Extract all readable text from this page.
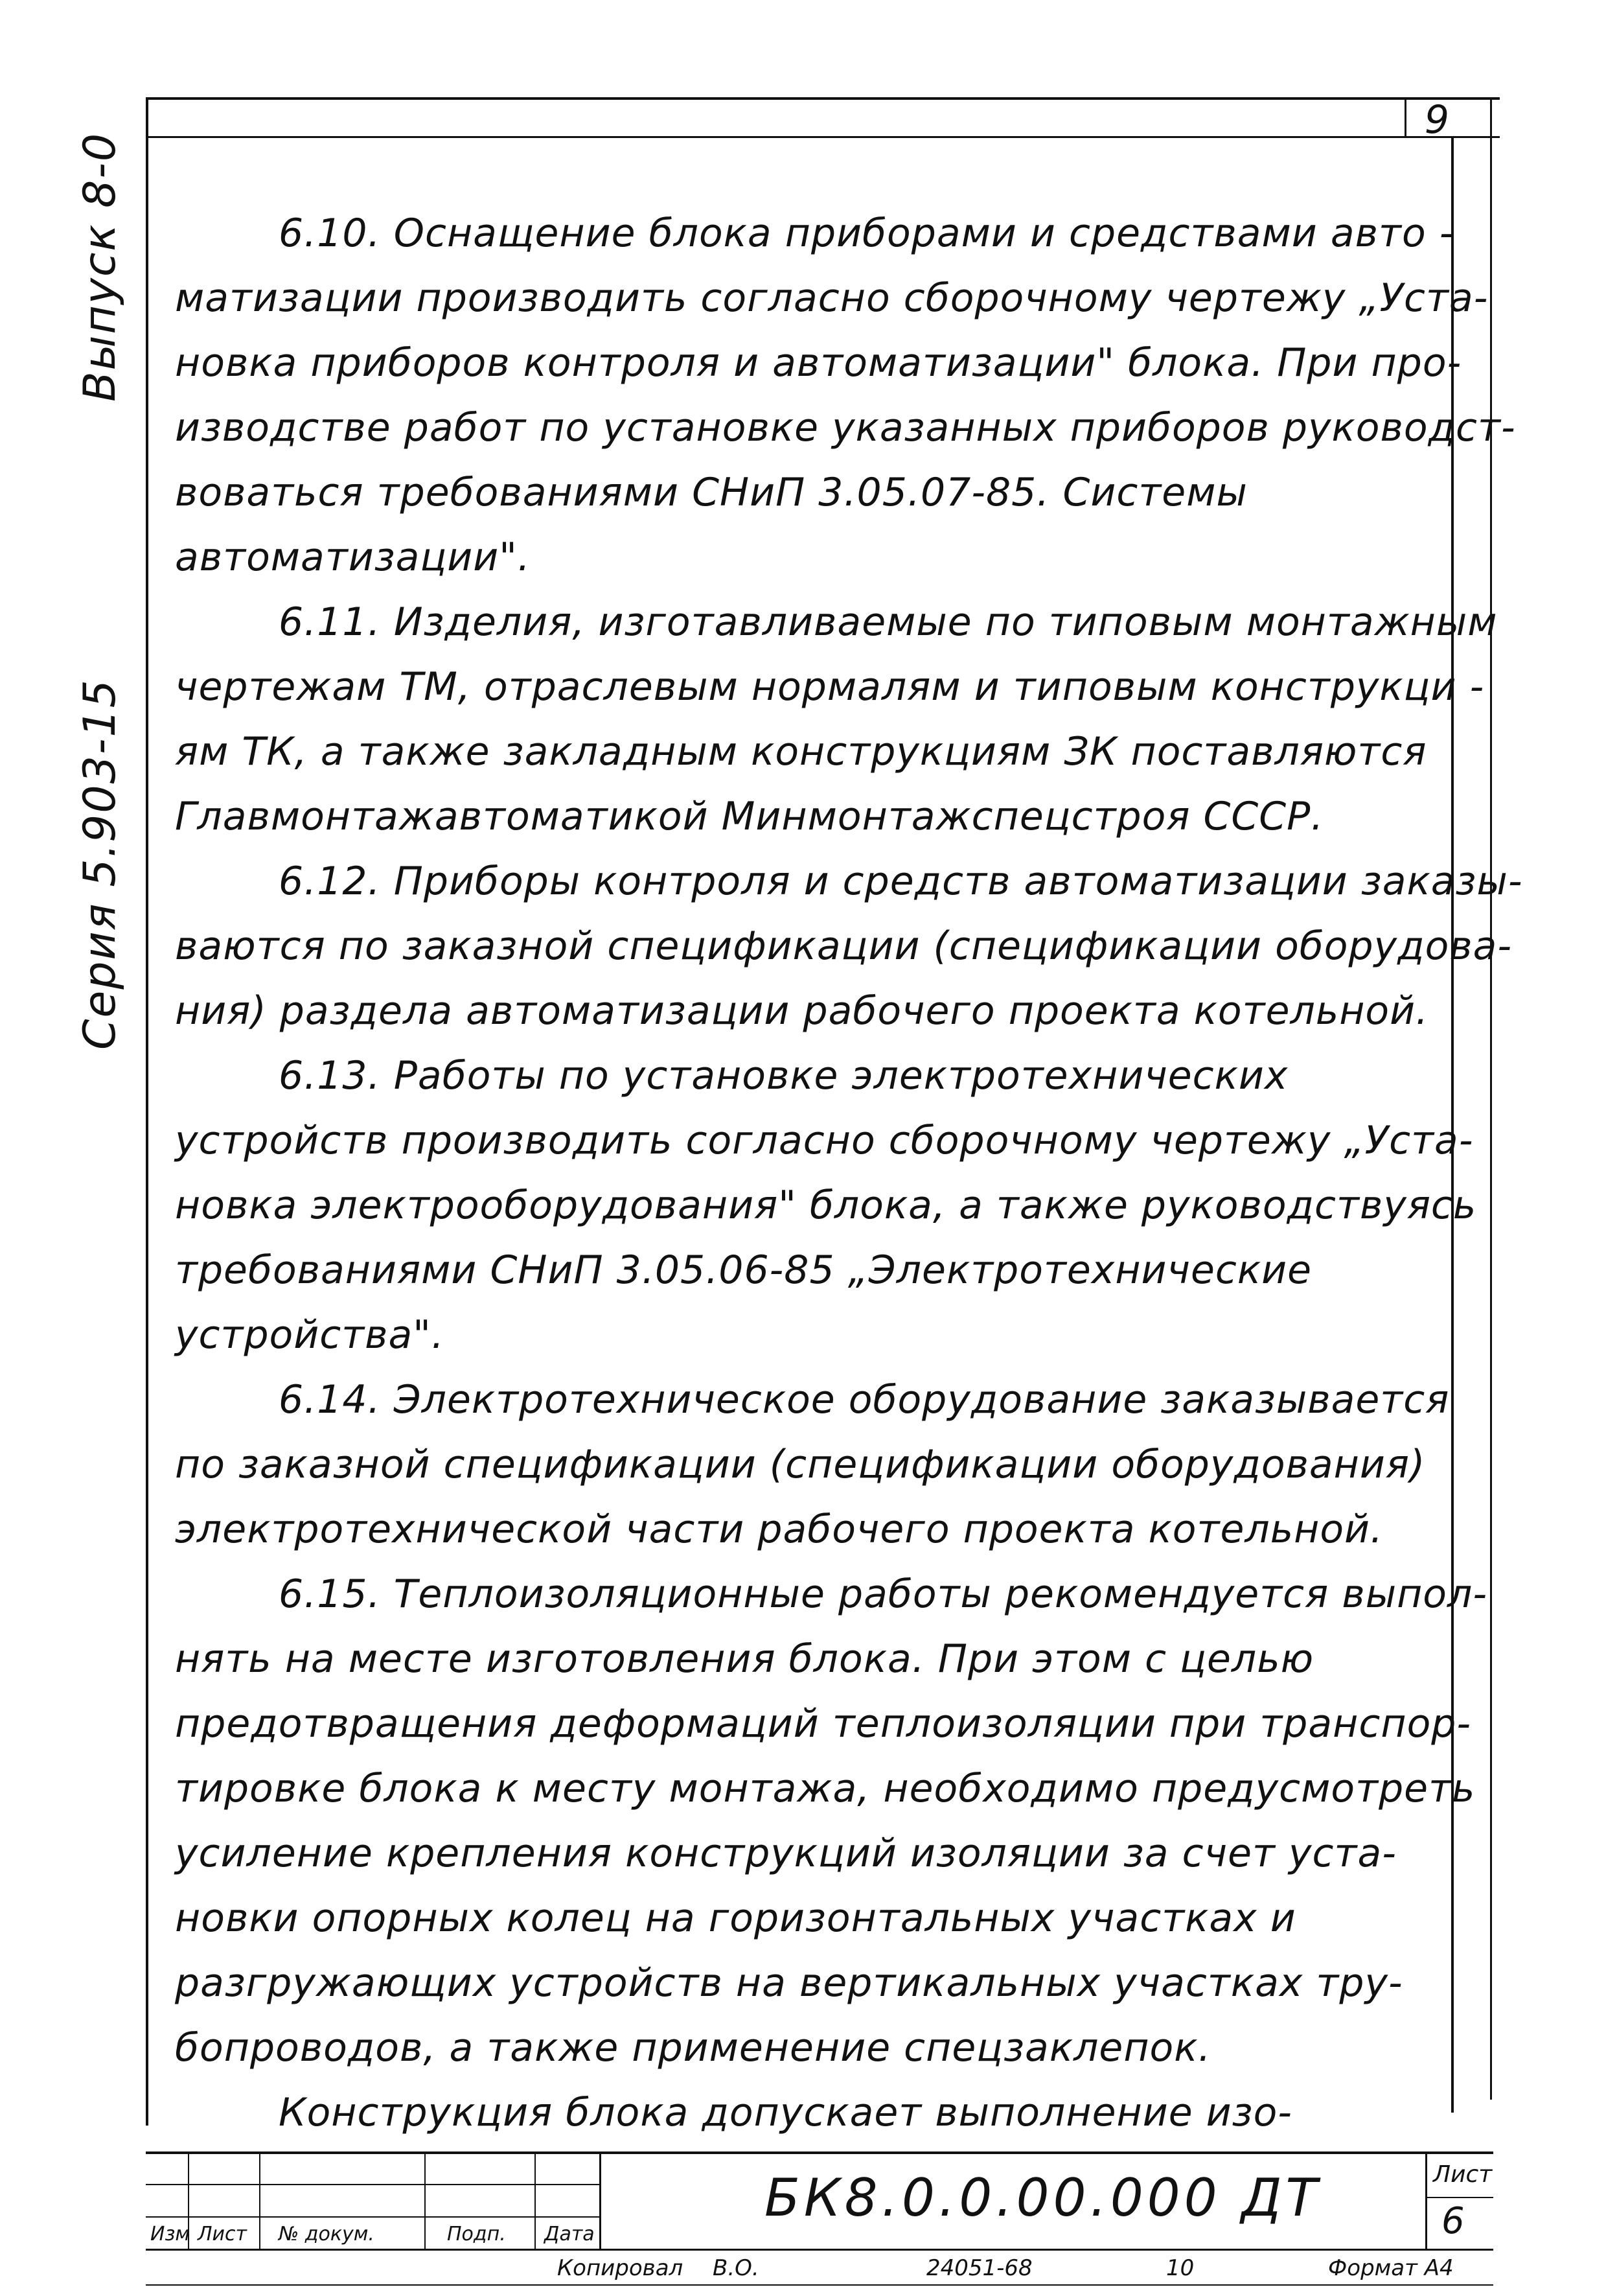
9
Выпуск 8-0
Серия 5.903-15
6.10. Оснащение блока приборами и средствами авто -
матизации производить согласно сборочному чертежу „Уста-
новка приборов контроля и автоматизации" блока. При про-
изводстве работ по установке указанных приборов руководст-
воваться требованиями СНиП 3.05.07-85. Системы
автоматизации".
6.11. Изделия, изготавливаемые по типовым монтажным
чертежам ТМ, отраслевым нормалям и типовым конструкци -
ям ТК, а также закладным конструкциям ЗК поставляются
Главмонтажавтоматикой Минмонтажспецстроя СССР.
6.12. Приборы контроля и средств автоматизации заказы-
ваются по заказной спецификации (спецификации оборудова-
ния) раздела автоматизации рабочего проекта котельной.
6.13. Работы по установке электротехнических
устройств производить согласно сборочному чертежу „Уста-
новка электрооборудования" блока, а также руководствуясь
требованиями СНиП 3.05.06-85 „Электротехнические
устройства".
6.14. Электротехническое оборудование заказывается
по заказной спецификации (спецификации оборудования)
электротехнической части рабочего проекта котельной.
6.15. Теплоизоляционные работы рекомендуется выпол-
нять на месте изготовления блока. При этом с целью
предотвращения деформаций теплоизоляции при транспор-
тировке блока к месту монтажа, необходимо предусмотреть
усиление крепления конструкций изоляции за счет уста-
новки опорных колец на горизонтальных участках и
разгружающих устройств на вертикальных участках тру-
бопроводов, а также применение спецзаклепок.
Конструкция блока допускает выполнение изо-
Изм Лист № докум.	Подп. Дата
БК8.0.0.00.000 ДТ	Лист
6
Копировал В.О.	24051-68	10	Формат А4
